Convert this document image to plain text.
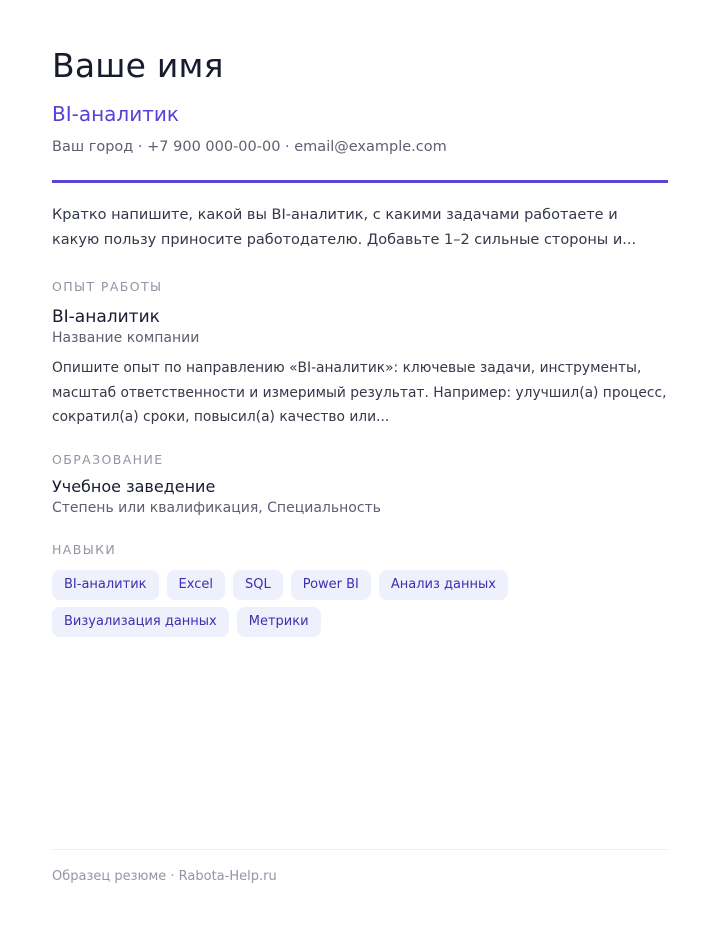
Ваше имя
BI-аналитик
Ваш город · +7 900 000-00-00 · email@example.com
Кратко напишите, какой вы BI-аналитик, с какими задачами работаете и какую пользу приносите работодателю. Добавьте 1–2 сильные стороны и...
ОПЫТ РАБОТЫ
BI-аналитик
Название компании
Опишите опыт по направлению «BI-аналитик»: ключевые задачи, инструменты, масштаб ответственности и измеримый результат. Например: улучшил(а) процесс, сократил(а) сроки, повысил(а) качество или...
ОБРАЗОВАНИЕ
Учебное заведение
Степень или квалификация, Специальность
НАВЫКИ
BI-аналитик	Excel	SQL	Power BI	Анализ данных
Визуализация данных	Метрики
Образец резюме · Rabota-Help.ru
